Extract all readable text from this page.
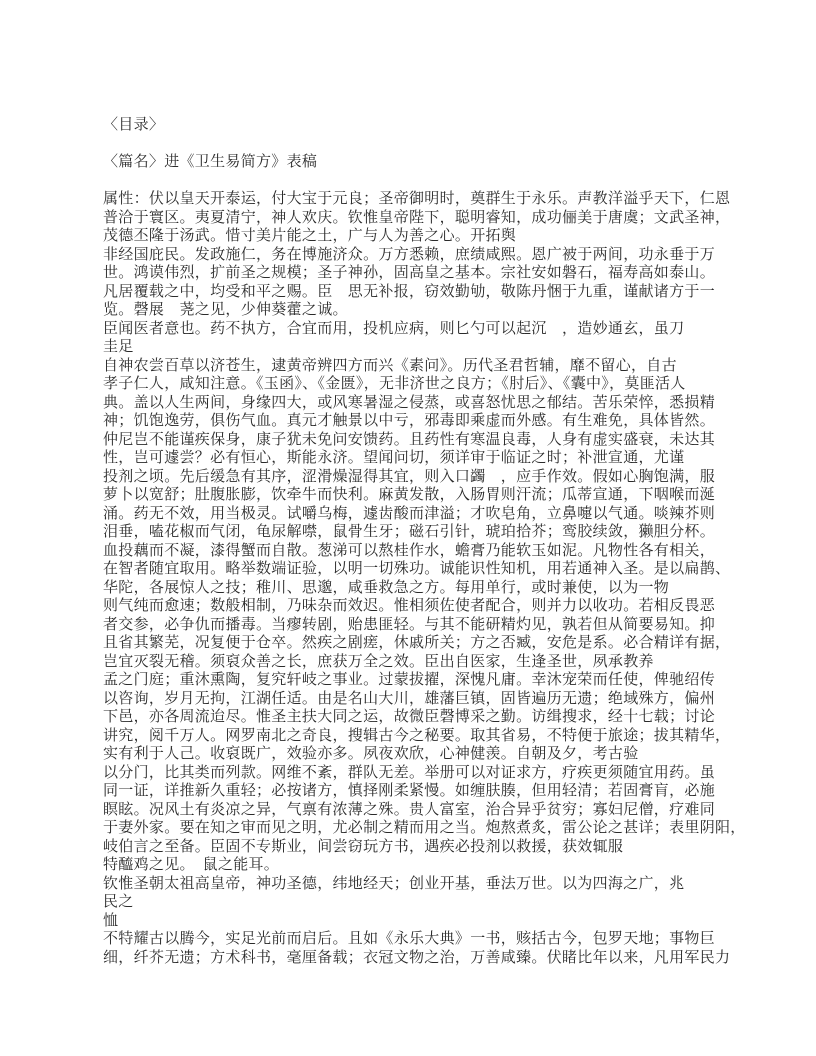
〈目录〉
〈篇名〉进《卫生易简方》表稿
属性：伏以皇天开泰运，付大宝于元良；圣帝御明时，奠群生于永乐。声教洋溢乎天下，仁恩
普洽于寰区。夷夏清宁，神人欢庆。钦惟皇帝陛下，聪明睿知，成功俪美于唐虞；文武圣神，
茂德丕隆于汤武。惜寸美片能之土，广与人为善之心。开拓舆
非经国庇民。发政施仁，务在博施济众。万方悉赖，庶绩咸熙。恩广被于两间，功永垂于万
世。鸿谟伟烈，扩前圣之规模；圣子神孙，固高皇之基本。宗社安如磐石，福寿高如泰山。
凡居覆载之中，均受和平之赐。臣　思无补报，窃效勤劬，敬陈丹悃于九重，谨献诸方于一
览。磬展　荛之见，少伸葵藿之诚。
臣闻医者意也。药不执方，合宜而用，投机应病，则匕勺可以起沉　，造妙通玄，虽刀
圭足
自神农尝百草以济苍生，逮黄帝辨四方而兴《素问》。历代圣君哲辅，靡不留心，自古
孝子仁人，咸知注意。《玉函》、《金匮》，无非济世之良方；《肘后》、《囊中》，莫匪活人
典。盖以人生两间，身缘四大，或风寒暑湿之侵蒸，或喜怒忧思之郁结。苦乐荣悴，悉损精
神；饥饱逸劳，俱伤气血。真元才触景以中亏，邪毒即乘虚而外感。有生难免，具体皆然。
仲尼岂不能谨疾保身，康子犹未免问安馈药。且药性有寒温良毒，人身有虚实盛衰，未达其
性，岂可遽尝？必有恒心，斯能永济。望闻问切，须详审于临证之时；补泄宣通，尤谨
投剂之顷。先后缓急有其序，涩滑燥湿得其宜，则入口蠲　，应手作效。假如心胸饱满，服
萝卜以宽舒；肚腹胀膨，饮牵牛而快利。麻黄发散，入肠胃则汗流；瓜蒂宣通，下咽喉而涎
涌。药无不效，用当极灵。试嚼乌梅，遽齿酸而津溢；才吹皂角，立鼻嚏以气通。啖辣芥则
泪垂，嗑花椒而气闭，龟尿解噤，鼠骨生牙；磁石引针，琥珀拾芥；鸾胶续敛，獭胆分杯。
血投藕而不凝，漆得蟹而自散。葱涕可以熬桂作水，蟾膏乃能软玉如泥。凡物性各有相关，
在智者随宜取用。略举数端证验，以明一切殊功。诚能识性知机，用若通神入圣。是以扁鹊、
华陀，各展惊人之技；稚川、思邈，咸垂救急之方。每用单行，或时兼使，以为一物
则气纯而愈速；数般相制，乃味杂而效迟。惟相须佐使者配合，则并力以收功。若相反畏恶
者交参，必争仇而播毒。当瘳转剧，贻患匪轻。与其不能研精灼见，孰若但从简要易知。抑
且省其繁芜，况复便于仓卒。然疾之剧瘥，休戚所关；方之否臧，安危是系。必合精详有据，
岂宜灭裂无稽。须裒众善之长，庶获万全之效。臣出自医家，生逢圣世，夙承教养
孟之门庭；重沐熏陶，复究轩岐之事业。过蒙拔擢，深愧凡庸。幸沐宠荣而任使，俾驰绍传
以咨询，岁月无拘，江湖任适。由是名山大川，雄藩巨镇，固皆遍历无遗；绝域殊方，偏州
下邑，亦各周流迨尽。惟圣主扶大同之运，故微臣磬博采之勤。访缉搜求，经十七载；讨论
讲究，阅千万人。网罗南北之奇良，搜辑古今之秘要。取其省易，不特便于旅途；拔其精华，
实有利于人己。收裒既广，效验亦多。夙夜欢欣，心神健羡。自朝及夕，考古验
以分门，比其类而列款。网维不紊，群队无差。举册可以对证求方，疗疾更须随宜用药。虽
同一证，详推新久重轻；必按诸方，慎择刚柔紧慢。如缠肤腠，但用轻清；若固膏肓，必施
瞑眩。况风土有炎凉之异，气禀有浓薄之殊。贵人富室，治合异乎贫穷；寡妇尼僧，疗难同
于妻外家。要在知之审而见之明，尤必制之精而用之当。炮熬煮炙，雷公论之甚详；表里阴阳，
岐伯言之至备。臣固不专斯业，间尝窃玩方书，遇疾必投剂以救援，获效辄服
特醯鸡之见。　鼠之能耳。
钦惟圣朝太祖高皇帝，神功圣德，纬地经天；创业开基，垂法万世。以为四海之广，兆
民之
恤
不特耀古以腾今，实足光前而启后。且如《永乐大典》一书，赅括古今，包罗天地；事物巨
细，纤芥无遗；方术科书，毫厘备载；衣冠文物之治，万善咸臻。伏睹比年以来，凡用军民力
